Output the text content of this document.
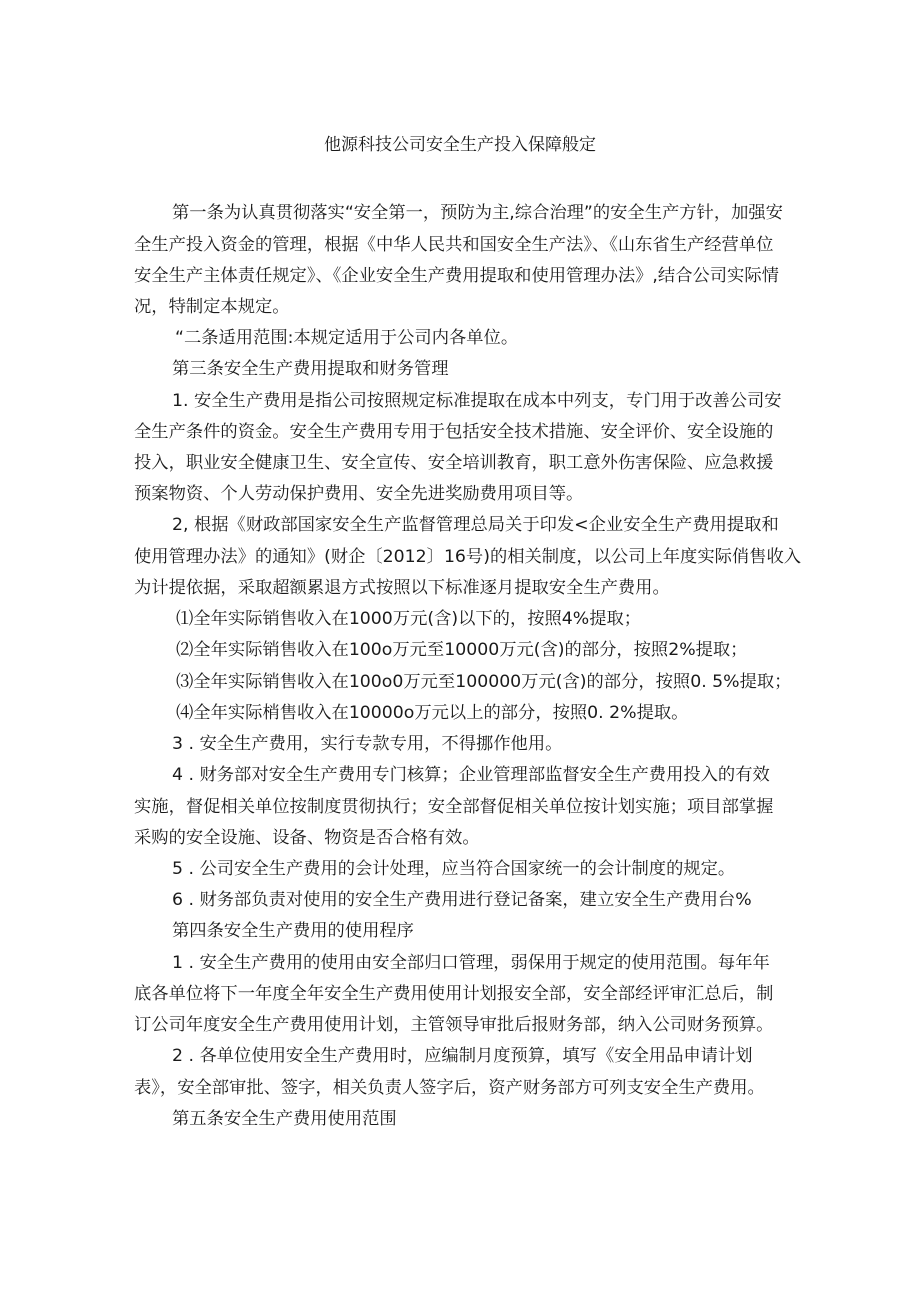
他源科技公司安全生产投入保障般定
第一条为认真贯彻落实“安全第一，预防为主,综合治理”的安全生产方针，加强安
全生产投入资金的管理，根据《中华人民共和国安全生产法》、《山东省生产经营单位
安全生产主体责任规定》、《企业安全生产费用提取和使用管理办法》,结合公司实际情
况，特制定本规定。
“二条适用范围:本规定适用于公司内各单位。
第三条安全生产费用提取和财务管理
1. 安全生产费用是指公司按照规定标准提取在成本中列支，专门用于改善公司安
全生产条件的资金。安全生产费用专用于包括安全技术措施、安全评价、安全设施的
投入，职业安全健康卫生、安全宣传、安全培训教育，职工意外伤害保险、应急救援
预案物资、个人劳动保护费用、安全先进奖励费用项目等。
2, 根据《财政部国家安全生产监督管理总局关于印发<企业安全生产费用提取和
使用管理办法》的通知》(财企〔2012〕16号)的相关制度，以公司上年度实际俏售收入
为计提依据，采取超额累退方式按照以下标准逐月提取安全生产费用。
⑴全年实际销售收入在1000万元(含)以下的，按照4%提取；
⑵全年实际销售收入在100o万元至10000万元(含)的部分，按照2%提取；
⑶全年实际销售收入在100o0万元至100000万元(含)的部分，按照0. 5%提取；
⑷全年实际梢售收入在10000o万元以上的部分，按照0. 2%提取。
3 . 安全生产费用，实行专款专用，不得挪作他用。
4 . 财务部对安全生产费用专门核算；企业管理部监督安全生产费用投入的有效
实施，督促相关单位按制度贯彻执行；安全部督促相关单位按计划实施；项目部掌握
采购的安全设施、设备、物资是否合格有效。
5 . 公司安全生产费用的会计处理，应当符合国家统一的会计制度的规定。
6 . 财务部负责对使用的安全生产费用进行登记备案，建立安全生产费用台%
第四条安全生产费用的使用程序
1 . 安全生产费用的使用由安全部归口管理，弱保用于规定的使用范围。每年年
底各单位将下一年度全年安全生产费用使用计划报安全部，安全部经评审汇总后，制
订公司年度安全生产费用使用计划，主管领导审批后报财务部，纳入公司财务预算。
2 . 各单位使用安全生产费用时，应编制月度预算，填写《安全用品申请计划
表》，安全部审批、签字，相关负责人签字后，资产财务部方可列支安全生产费用。
第五条安全生产费用使用范围
